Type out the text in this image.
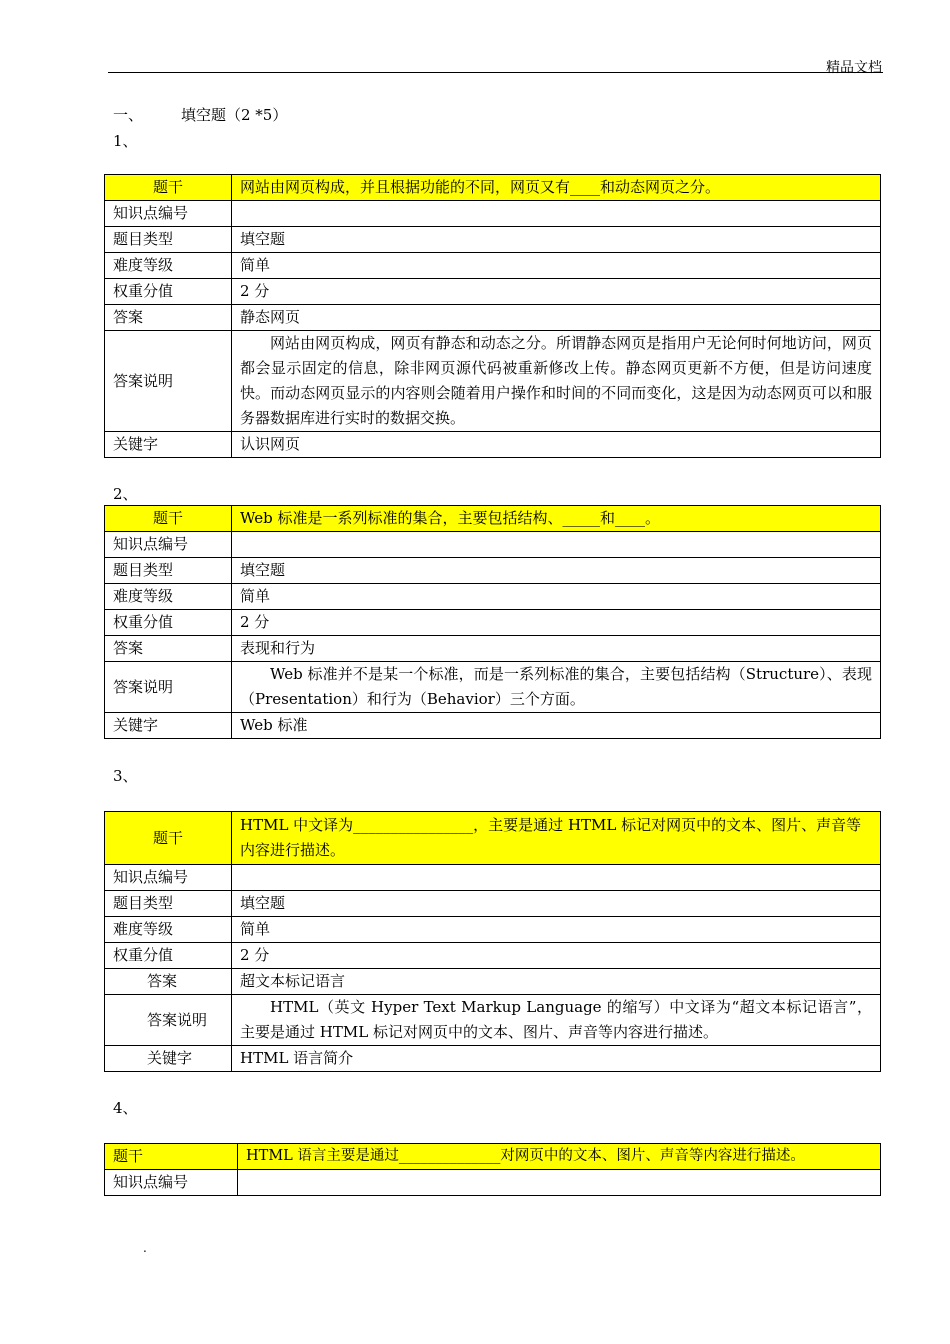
精品文档
一、	填空题（2 *5）
1、
题干	网站由网页构成，并且根据功能的不同，网页又有____和动态网页之分。
知识点编号	
题目类型	填空题
难度等级	简单
权重分值	2 分
答案	静态网页
答案说明	网站由网页构成，网页有静态和动态之分。所谓静态网页是指用户无论何时何地访问，网页都会显示固定的信息，除非网页源代码被重新修改上传。静态网页更新不方便，但是访问速度快。而动态网页显示的内容则会随着用户操作和时间的不同而变化，这是因为动态网页可以和服务器数据库进行实时的数据交换。
关键字	认识网页
2、
题干	Web 标准是一系列标准的集合，主要包括结构、_____和____。
知识点编号	
题目类型	填空题
难度等级	简单
权重分值	2 分
答案	表现和行为
答案说明	Web 标准并不是某一个标准，而是一系列标准的集合，主要包括结构（Structure）、表现（Presentation）和行为（Behavior）三个方面。
关键字	Web 标准
3、
题干	HTML 中文译为________________，主要是通过 HTML 标记对网页中的文本、图片、声音等内容进行描述。
知识点编号	
题目类型	填空题
难度等级	简单
权重分值	2 分
答案	超文本标记语言
答案说明	HTML（英文 Hyper Text Markup Language 的缩写）中文译为“超文本标记语言”，主要是通过 HTML 标记对网页中的文本、图片、声音等内容进行描述。
关键字	HTML 语言简介
4、
题干	HTML 语言主要是通过______________对网页中的文本、图片、声音等内容进行描述。
知识点编号	
.
